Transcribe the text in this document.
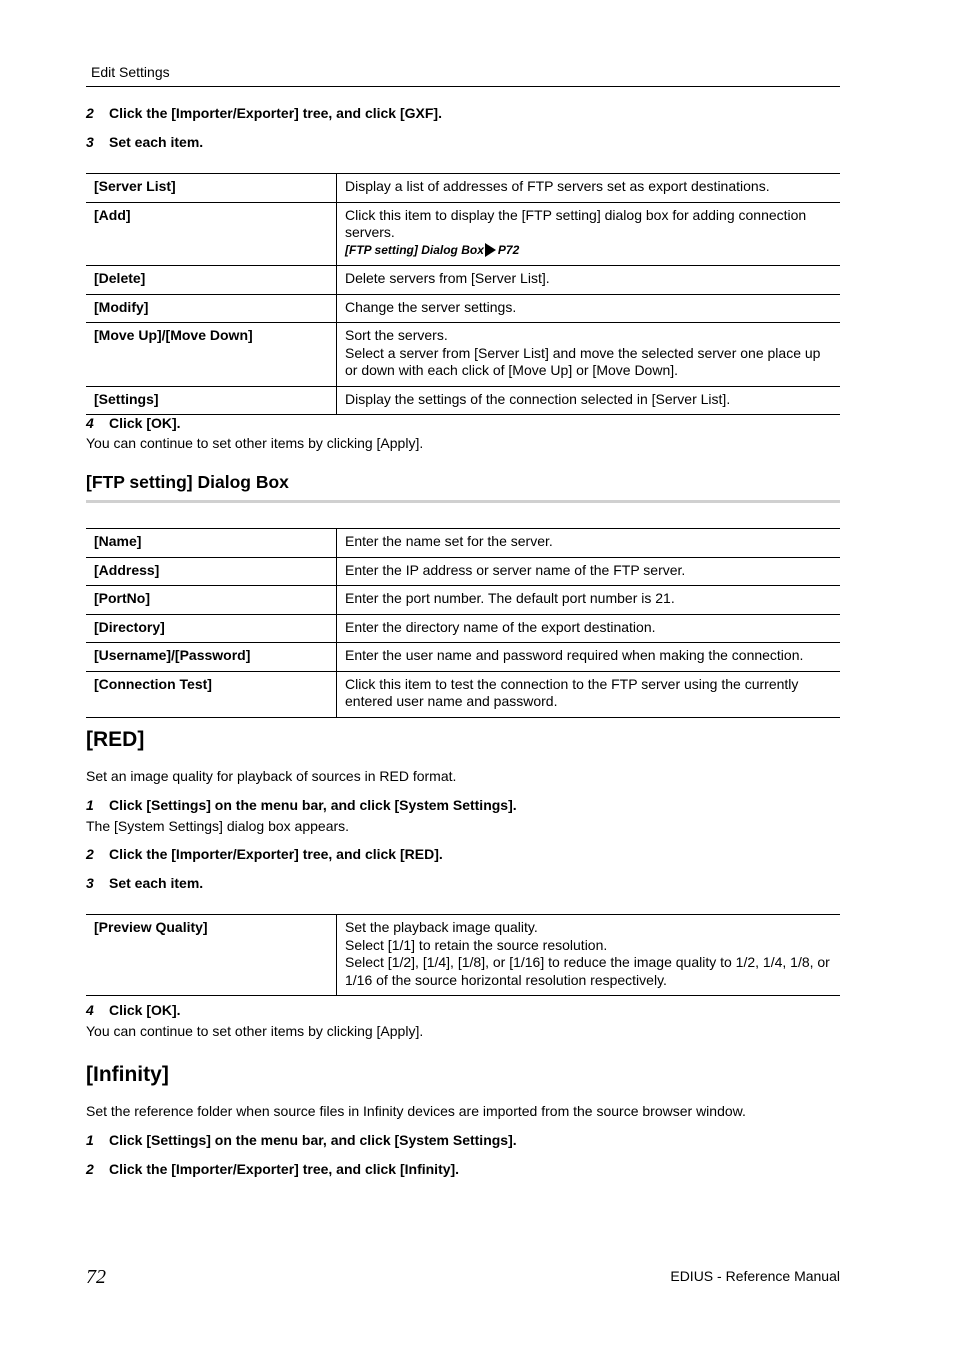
Edit Settings
2 Click the [Importer/Exporter] tree, and click [GXF].
3 Set each item.
[Server List]	Display a list of addresses of FTP servers set as export destinations.
[Add]	Click this item to display the [FTP setting] dialog box for adding connection servers.
[FTP setting] Dialog Box P72

[Delete]	Delete servers from [Server List].
[Modify]	Change the server settings.
[Move Up]/[Move Down]	Sort the servers.
Select a server from [Server List] and move the selected server one place up or down with each click of [Move Up] or [Move Down].

[Settings]	Display the settings of the connection selected in [Server List].
4 Click [OK].
You can continue to set other items by clicking [Apply].
[FTP setting] Dialog Box
[Name]	Enter the name set for the server.
[Address]	Enter the IP address or server name of the FTP server.
[PortNo]	Enter the port number. The default port number is 21.
[Directory]	Enter the directory name of the export destination.
[Username]/[Password]	Enter the user name and password required when making the connection.
[Connection Test]	Click this item to test the connection to the FTP server using the currently entered user name and password.
[RED]
Set an image quality for playback of sources in RED format.
1 Click [Settings] on the menu bar, and click [System Settings].
The [System Settings] dialog box appears.
2 Click the [Importer/Exporter] tree, and click [RED].
3 Set each item.
[Preview Quality]	Set the playback image quality.
Select [1/1] to retain the source resolution.
Select [1/2], [1/4], [1/8], or [1/16] to reduce the image quality to 1/2, 1/4, 1/8, or 1/16 of the source horizontal resolution respectively.
4 Click [OK].
You can continue to set other items by clicking [Apply].
[Infinity]
Set the reference folder when source files in Infinity devices are imported from the source browser window.
1 Click [Settings] on the menu bar, and click [System Settings].
2 Click the [Importer/Exporter] tree, and click [Infinity].
72	EDIUS - Reference Manual
